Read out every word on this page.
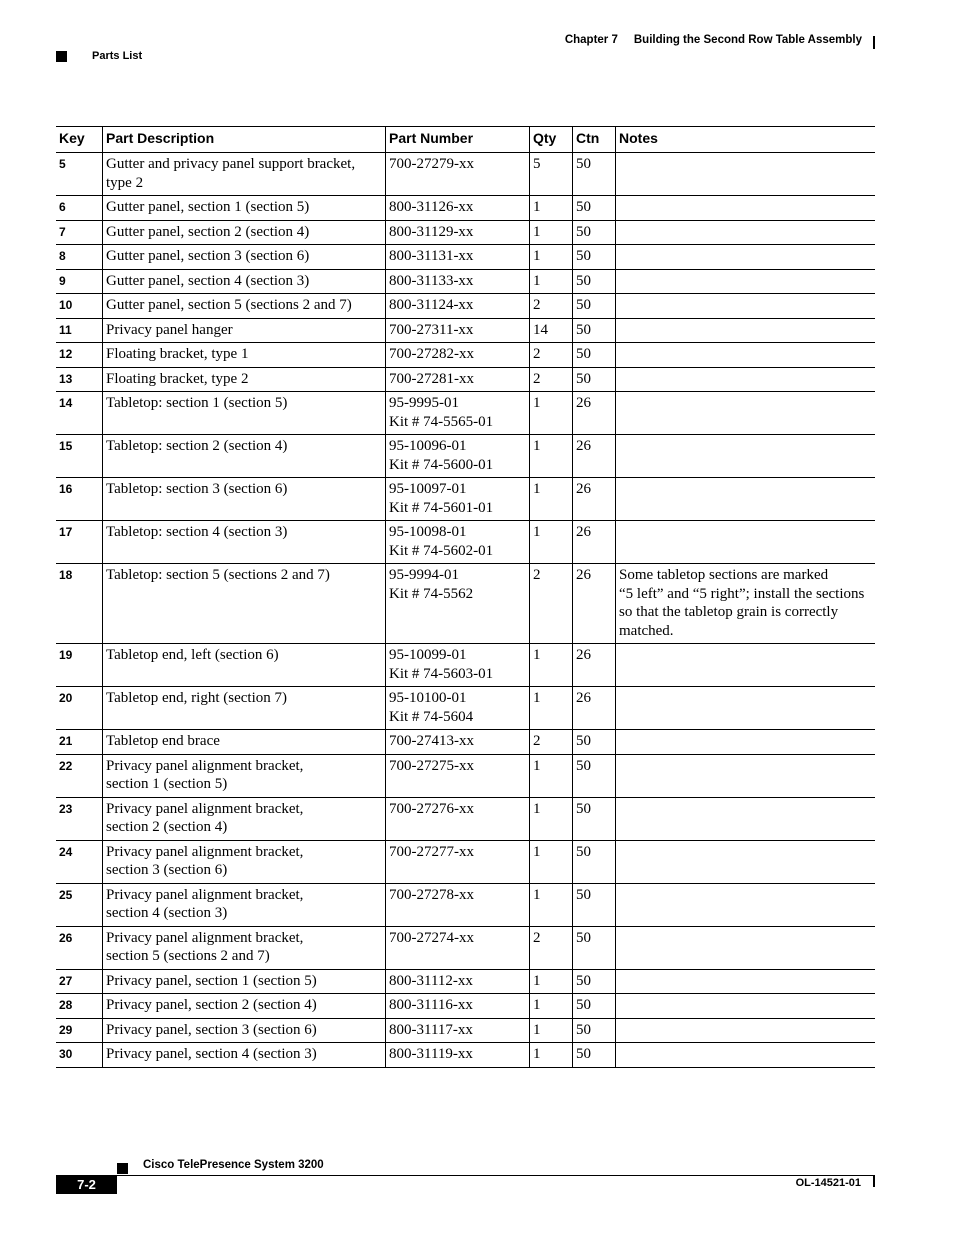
Chapter 7 Building the Second Row Table Assembly
Parts List
Key	Part Description	Part Number	Qty	Ctn	Notes
5	Gutter and privacy panel support bracket,
type 2	700-27279-xx	5	50	
6	Gutter panel, section 1 (section 5)	800-31126-xx	1	50	
7	Gutter panel, section 2 (section 4)	800-31129-xx	1	50	
8	Gutter panel, section 3 (section 6)	800-31131-xx	1	50	
9	Gutter panel, section 4 (section 3)	800-31133-xx	1	50	
10	Gutter panel, section 5 (sections 2 and 7)	800-31124-xx	2	50	
11	Privacy panel hanger	700-27311-xx	14	50	
12	Floating bracket, type 1	700-27282-xx	2	50	
13	Floating bracket, type 2	700-27281-xx	2	50	
14	Tabletop: section 1 (section 5)	95-9995-01
Kit # 74-5565-01	1	26	
15	Tabletop: section 2 (section 4)	95-10096-01
Kit # 74-5600-01	1	26	
16	Tabletop: section 3 (section 6)	95-10097-01
Kit # 74-5601-01	1	26	
17	Tabletop: section 4 (section 3)	95-10098-01
Kit # 74-5602-01	1	26	
18	Tabletop: section 5 (sections 2 and 7)	95-9994-01
Kit # 74-5562	2	26	Some tabletop sections are marked
“5 left” and “5 right”; install the sections
so that the tabletop grain is correctly
matched.

19	Tabletop end, left (section 6)	95-10099-01
Kit # 74-5603-01	1	26	
20	Tabletop end, right (section 7)	95-10100-01
Kit # 74-5604	1	26	
21	Tabletop end brace	700-27413-xx	2	50	
22	Privacy panel alignment bracket,
section 1 (section 5)	700-27275-xx	1	50	
23	Privacy panel alignment bracket,
section 2 (section 4)	700-27276-xx	1	50	
24	Privacy panel alignment bracket,
section 3 (section 6)	700-27277-xx	1	50	
25	Privacy panel alignment bracket,
section 4 (section 3)	700-27278-xx	1	50	
26	Privacy panel alignment bracket,
section 5 (sections 2 and 7)	700-27274-xx	2	50	
27	Privacy panel, section 1 (section 5)	800-31112-xx	1	50	
28	Privacy panel, section 2 (section 4)	800-31116-xx	1	50	
29	Privacy panel, section 3 (section 6)	800-31117-xx	1	50	
30	Privacy panel, section 4 (section 3)	800-31119-xx	1	50	
Cisco TelePresence System 3200
7-2	OL-14521-01
